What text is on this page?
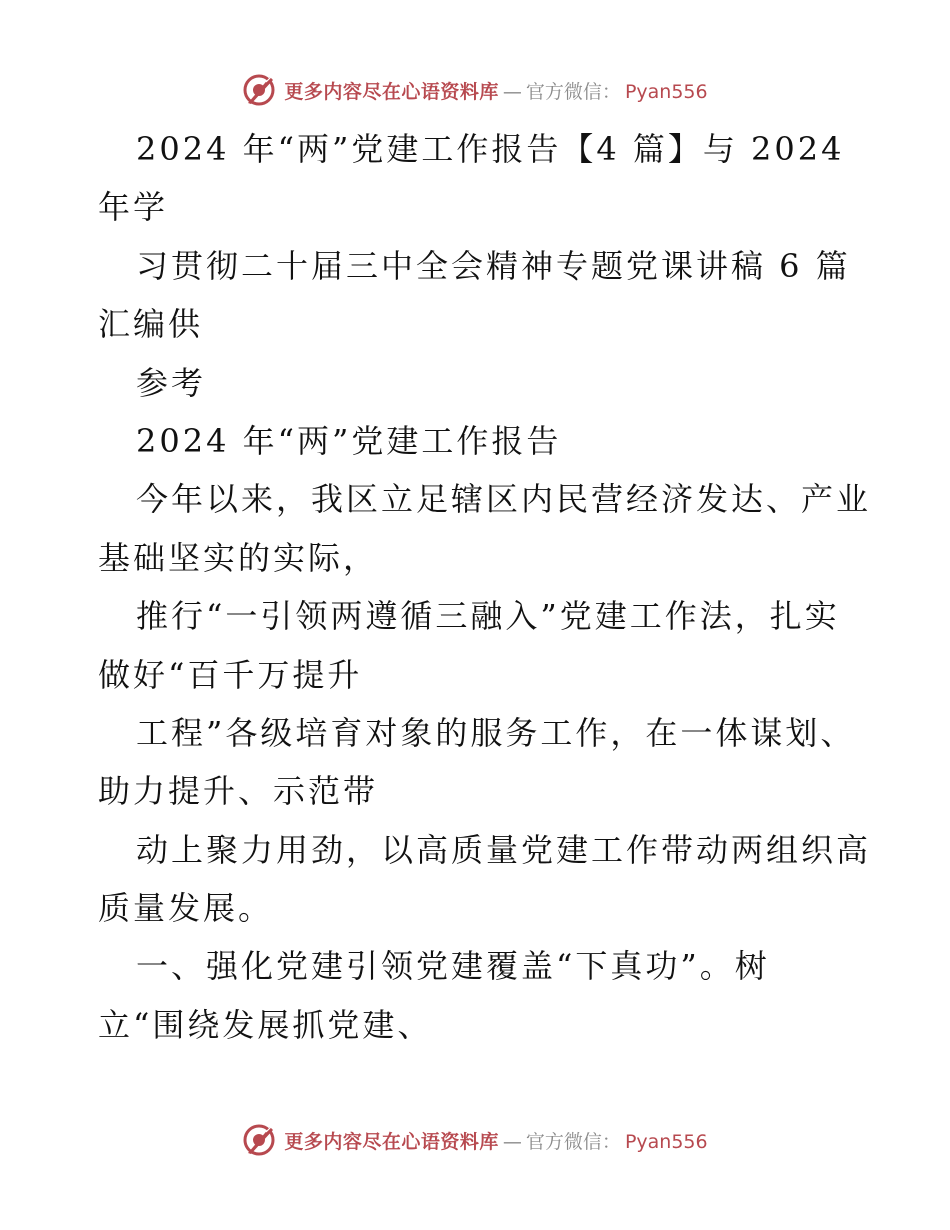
更多内容尽在心语资料库 — 官方微信： Pyan556
2024 年“两”党建工作报告【4 篇】与 2024
年学
习贯彻二十届三中全会精神专题党课讲稿 6 篇
汇编供
参考
2024 年“两”党建工作报告
今年以来，我区立足辖区内民营经济发达、产业
基础坚实的实际，
推行“一引领两遵循三融入”党建工作法，扎实
做好“百千万提升
工程”各级培育对象的服务工作，在一体谋划、
助力提升、示范带
动上聚力用劲，以高质量党建工作带动两组织高
质量发展。
一、强化党建引领党建覆盖“下真功”。树
立“围绕发展抓党建、
更多内容尽在心语资料库 — 官方微信： Pyan556
